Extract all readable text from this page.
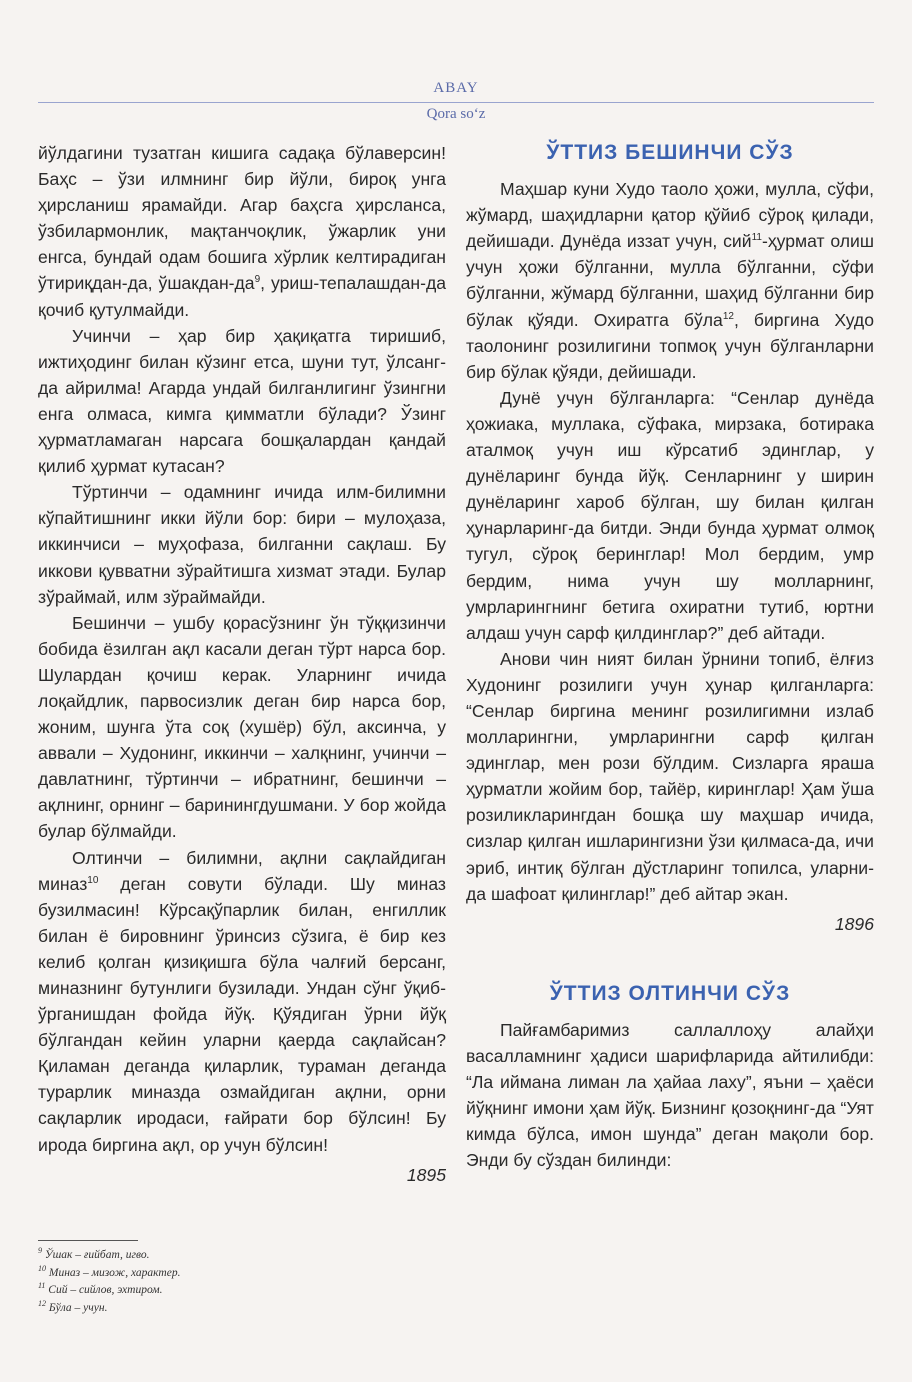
ABAY
Qora so‘z

йўлдагини тузатган кишига садақа бўлаверсин! Баҳс – ўзи илмнинг бир йўли, бироқ унга ҳирсланиш ярамайди. Агар баҳсга ҳирсланса, ўзбилармонлик, мақтанчоқлик, ўжарлик уни енгса, бундай одам бошига хўрлик келтирадиган ўтириқдан-да, ўшакдан-$да^9$, уриш-тепалашдан-да қочиб қутулмайди.

Учинчи – ҳар бир ҳақиқатга тиришиб, ижтиҳодинг билан кўзинг етса, шуни тут, ўлсанг-да айрилма! Агарда ундай билганлигинг ўзингни енга олмаса, кимга қимматли бўлади? Ўзинг ҳурматламаган нарсага бошқалардан қандай қилиб ҳурмат кутасан?

Тўртинчи – одамнинг ичида илм-билимни кўпайтишнинг икки йўли бор: бири – мулоҳаза, иккинчиси – муҳофаза, билганни сақлаш. Бу иккови қувватни зўрайтишга хизмат этади. Булар зўраймай, илм зўраймайди.

Бешинчи – ушбу қорасўзнинг ўн тўққизинчи бобида ёзилган ақл касали деган тўрт нарса бор. Шулардан қочиш керак. Уларнинг ичида лоқайдлик, парвосизлик деган бир нарса бор, жоним, шунга ўта соқ (хушёр) бўл, аксинча, у аввали – Худонинг, иккинчи – халқнинг, учинчи – давлатнинг, тўртинчи – ибратнинг, бешинчи – ақлнинг, орнинг – баринингдушмани. У бор жойда булар бўлмайди.

Олтинчи – билимни, ақлни сақлайдиган миназ$^{10}$ деган совути бўлади. Шу миназ бузилмасин! Кўрсақўпарлик билан, енгиллик билан ё бировнинг ўринсиз сўзига, ё бир кез келиб қолган қизиқишга бўла чалғий берсанг, миназнинг бутунлиги бузилади. Ундан сўнг ўқиб-ўрганишдан фойда йўқ. Қўядиган ўрни йўқ бўлгандан кейин уларни қаерда сақлайсан? Қиламан деганда қиларлик, тураман деганда турарлик миназда озмайдиган ақлни, орни сақларлик иродаси, ғайрати бор бўлсин! Бу ирода биргина ақл, ор учун бўлсин!

1895
ЎТТИЗ БЕШИНЧИ СЎЗ

Маҳшар куни Худо таоло ҳожи, мулла, сўфи, жўмард, шаҳидларни қатор қўйиб сўроқ қилади, дейишади. Дунёда иззат учун, сий$^{11}$-ҳурмат олиш учун ҳожи бўлганни, мулла бўлганни, сўфи бўлганни, жўмард бўлганни, шаҳид бўлганни бир бўлак қўяди. Охиратга бўла$^{12}$, биргина Худо таолонинг розилигини топмоқ учун бўлганларни бир бўлак қўяди, дейишади.

Дунё учун бўлганларга: “Сенлар дунёда ҳожиака, муллака, сўфака, мирзака, ботирака аталмоқ учун иш кўрсатиб эдинглар, у дунёларинг бунда йўқ. Сенларнинг у ширин дунёларинг хароб бўлган, шу билан қилган ҳунарларинг-да битди. Энди бунда ҳурмат олмоқ тугул, сўроқ беринглар! Мол бердим, умр бердим, нима учун шу молларнинг, умрларингнинг бетига охиратни тутиб, юртни алдаш учун сарф қилдинглар?” деб айтади.

Анови чин ният билан ўрнини топиб, ёлғиз Худонинг розилиги учун ҳунар қилганларга: “Сенлар биргина менинг розилигимни излаб молларингни, умрларингни сарф қилган эдинглар, мен рози бўлдим. Сизларга яраша ҳурматли жойим бор, тайёр, киринглар! Ҳам ўша розиликларингдан бошқа шу маҳшар ичида, сизлар қилган ишларингизни ўзи қилмаса-да, ичи эриб, интиқ бўлган дўстларинг топилса, уларни-да шафоат қилинглар!” деб айтар экан.

1896
ЎТТИЗ ОЛТИНЧИ СЎЗ

Пайғамбаримиз саллаллоҳу алайҳи васалламнинг ҳадиси шарифларида айтилибди: “Ла иймана лиман ла ҳайаа лаху”, яъни – ҳаёси йўқнинг имони ҳам йўқ. Бизнинг қозоқнинг-да “Уят кимда бўлса, имон шунда” деган мақоли бор. Энди бу сўздан билинди:

$^9$ Ўшак – ғийбат, игво.
$^{10}$ Миназ – мизож, характер.
$^{11}$ Сий – сийлов, эхтиром.
$^{12}$ Бўла – учун.
